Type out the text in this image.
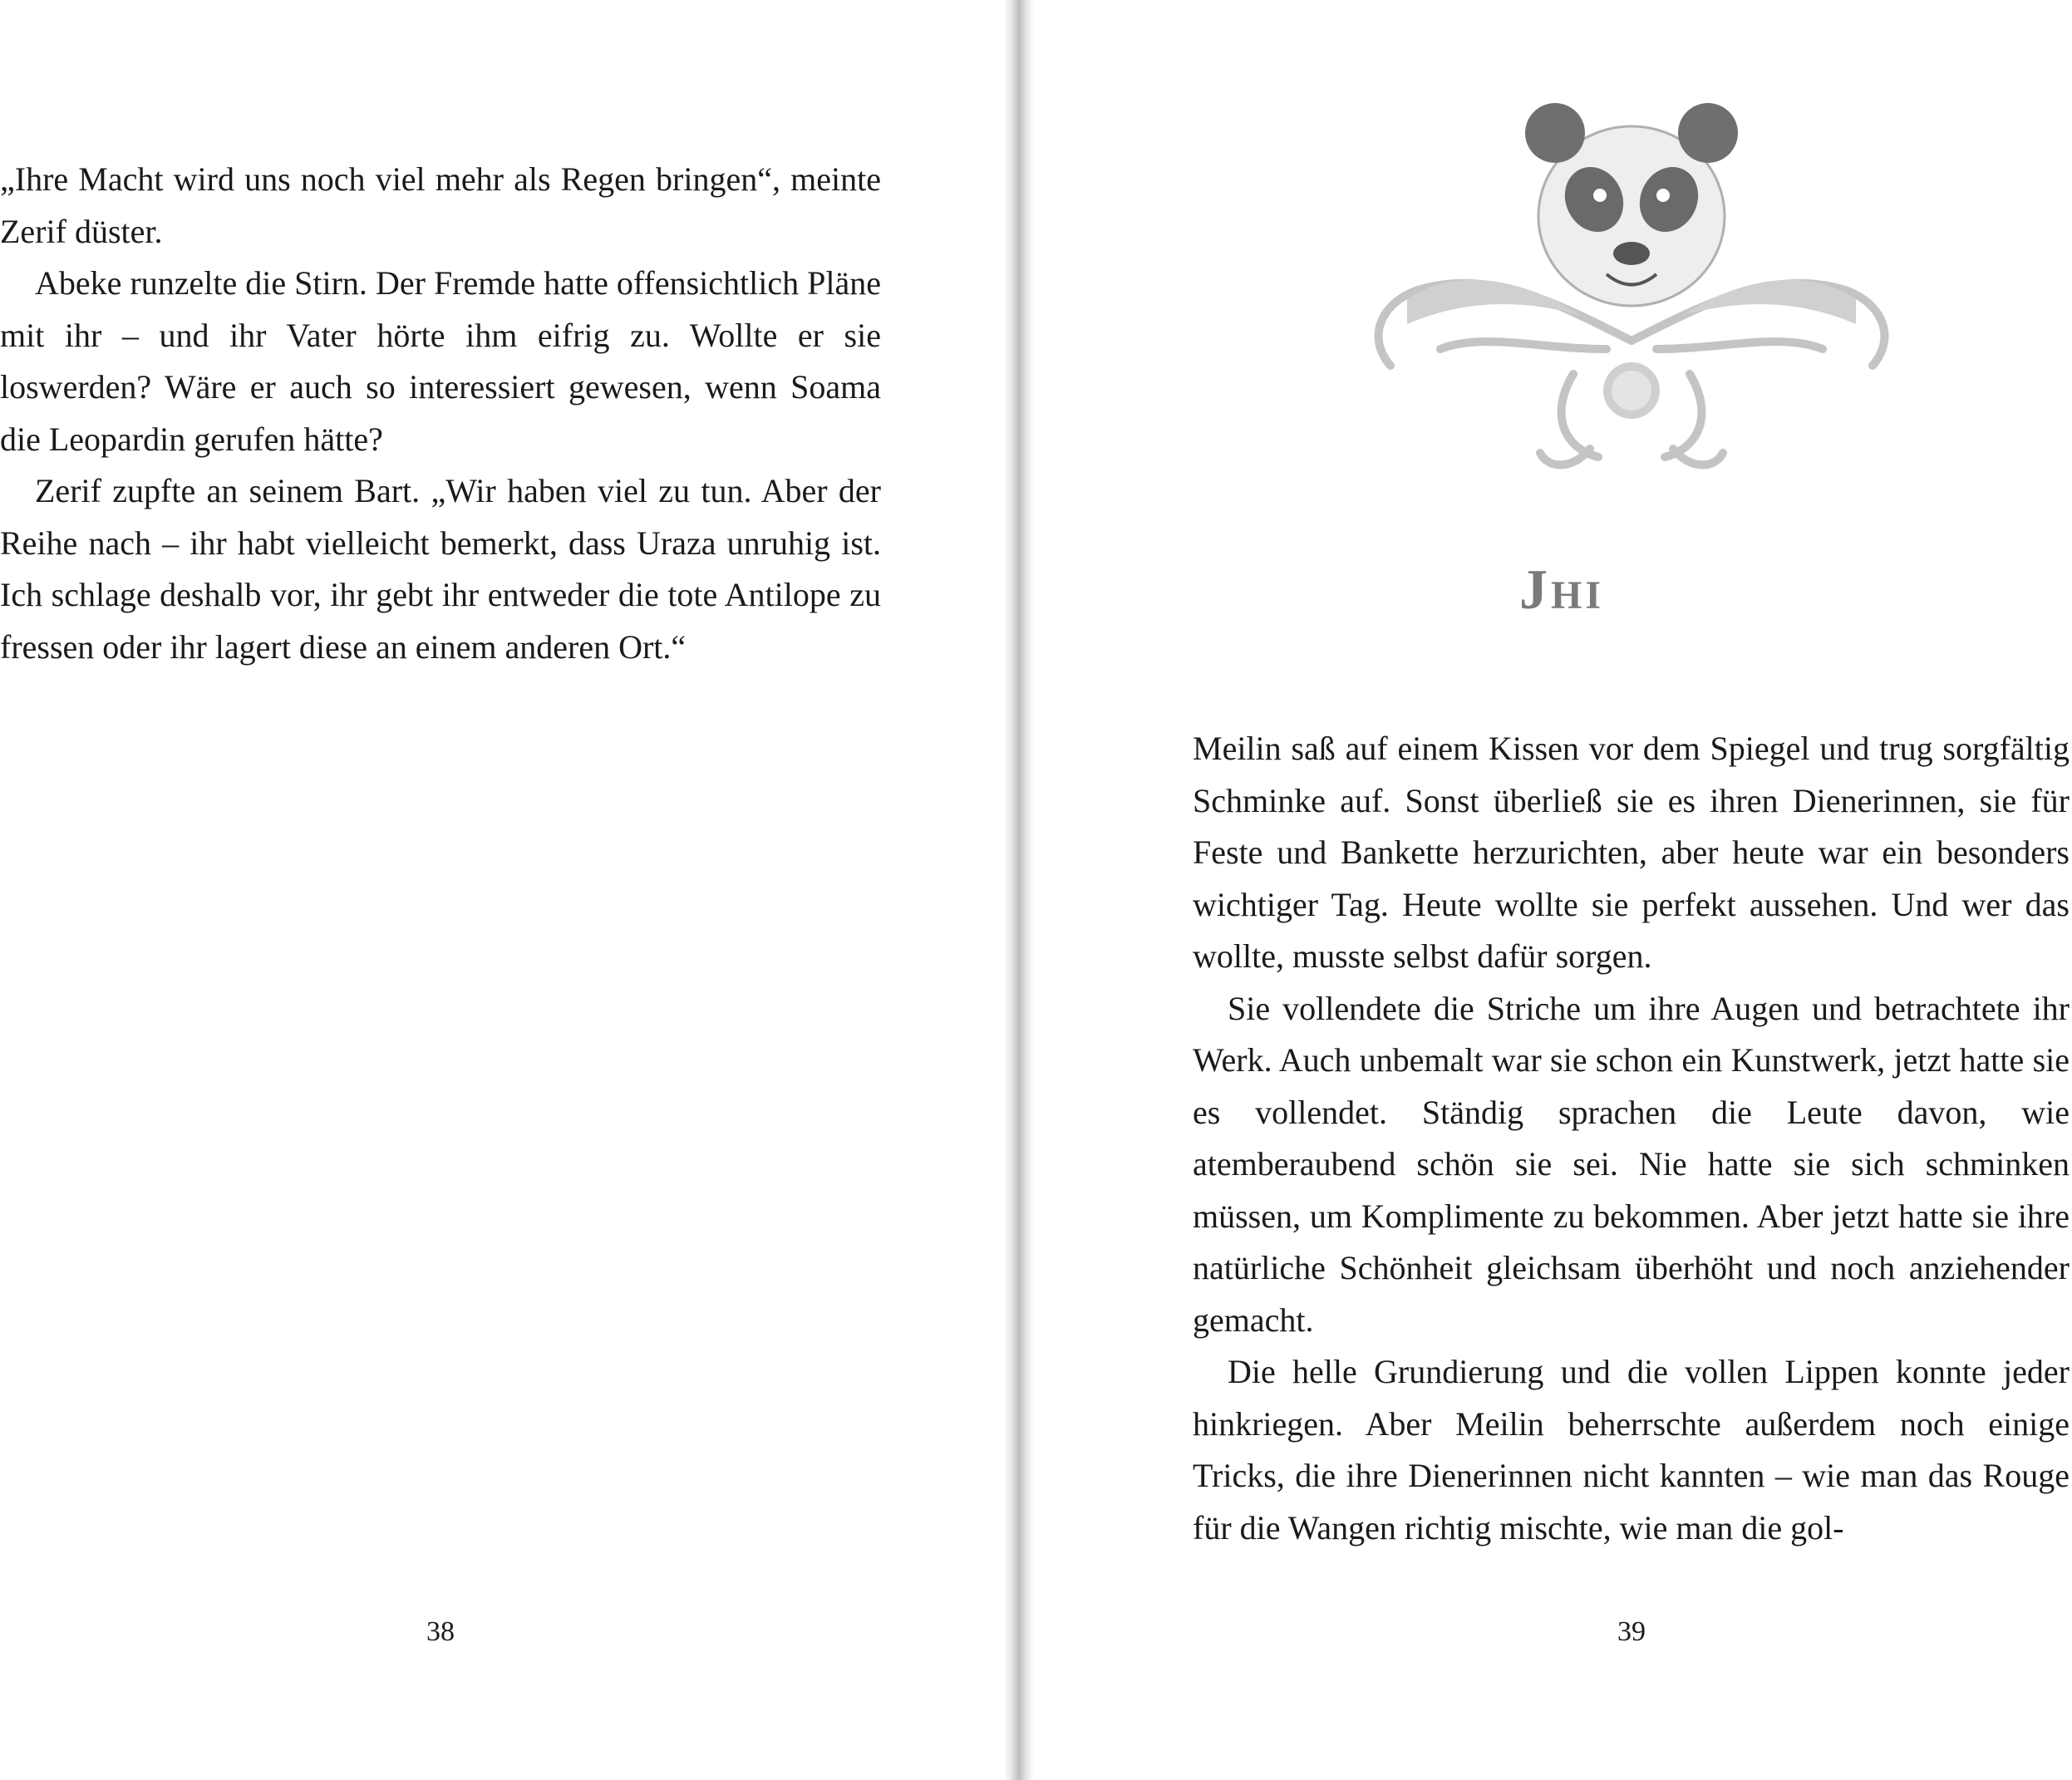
„Ihre Macht wird uns noch viel mehr als Regen bringen“, meinte Zerif düster.

Abeke runzelte die Stirn. Der Fremde hatte offensichtlich Pläne mit ihr – und ihr Vater hörte ihm eifrig zu. Wollte er sie loswerden? Wäre er auch so interessiert gewesen, wenn Soama die Leopardin gerufen hätte?

Zerif zupfte an seinem Bart. „Wir haben viel zu tun. Aber der Reihe nach – ihr habt vielleicht bemerkt, dass Uraza unruhig ist. Ich schlage deshalb vor, ihr gebt ihr entweder die tote Antilope zu fressen oder ihr lagert diese an einem anderen Ort.“

38
Jhi

Meilin saß auf einem Kissen vor dem Spiegel und trug sorgfältig Schminke auf. Sonst überließ sie es ihren Dienerinnen, sie für Feste und Bankette herzurichten, aber heute war ein besonders wichtiger Tag. Heute wollte sie perfekt aussehen. Und wer das wollte, musste selbst dafür sorgen.

Sie vollendete die Striche um ihre Augen und betrachtete ihr Werk. Auch unbemalt war sie schon ein Kunstwerk, jetzt hatte sie es vollendet. Ständig sprachen die Leute davon, wie atemberaubend schön sie sei. Nie hatte sie sich schminken müssen, um Komplimente zu bekommen. Aber jetzt hatte sie ihre natürliche Schönheit gleichsam überhöht und noch anziehender gemacht.

Die helle Grundierung und die vollen Lippen konnte jeder hinkriegen. Aber Meilin beherrschte außerdem noch einige Tricks, die ihre Dienerinnen nicht kannten – wie man das Rouge für die Wangen richtig mischte, wie man die gol-

39
